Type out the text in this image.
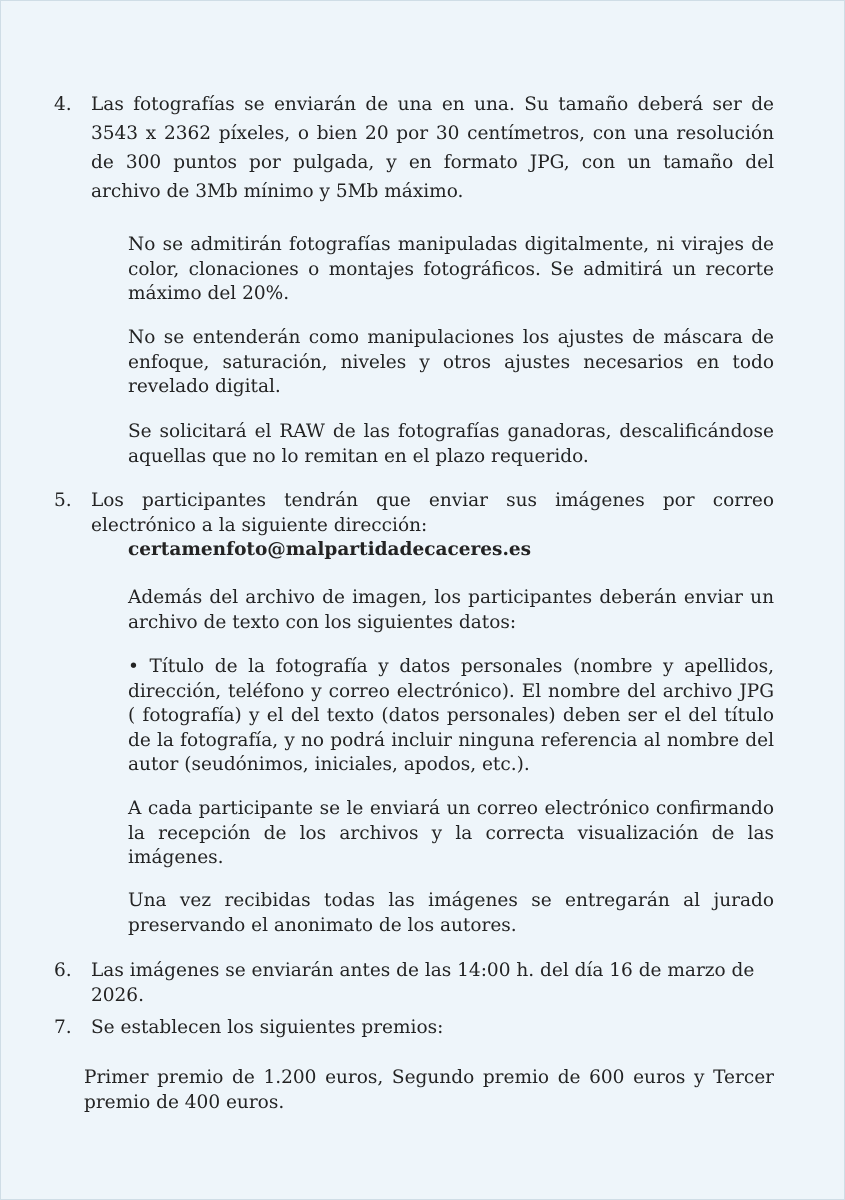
4. Las fotografías se enviarán de una en una. Su tamaño deberá ser de 3543 x 2362 píxeles, o bien 20 por 30 centímetros, con una resolución de 300 puntos por pulgada, y en formato JPG, con un tamaño del archivo de 3Mb mínimo y 5Mb máximo.
No se admitirán fotografías manipuladas digitalmente, ni virajes de color, clonaciones o montajes fotográficos. Se admitirá un recorte máximo del 20%.
No se entenderán como manipulaciones los ajustes de máscara de enfoque, saturación, niveles y otros ajustes necesarios en todo revelado digital.
Se solicitará el RAW de las fotografías ganadoras, descalificándose aquellas que no lo remitan en el plazo requerido.
5. Los participantes tendrán que enviar sus imágenes por correo electrónico a la siguiente dirección:
certamenfoto@malpartidadecaceres.es
Además del archivo de imagen, los participantes deberán enviar un archivo de texto con los siguientes datos:
• Título de la fotografía y datos personales (nombre y apellidos, dirección, teléfono y correo electrónico). El nombre del archivo JPG ( fotografía) y el del texto (datos personales) deben ser el del título de la fotografía, y no podrá incluir ninguna referencia al nombre del autor (seudónimos, iniciales, apodos, etc.).
A cada participante se le enviará un correo electrónico confirmando la recepción de los archivos y la correcta visualización de las imágenes.
Una vez recibidas todas las imágenes se entregarán al jurado preservando el anonimato de los autores.
6. Las imágenes se enviarán antes de las 14:00 h. del día 16 de marzo de 2026.
7. Se establecen los siguientes premios:
Primer premio de 1.200 euros, Segundo premio de 600 euros y Tercer premio de 400 euros.
